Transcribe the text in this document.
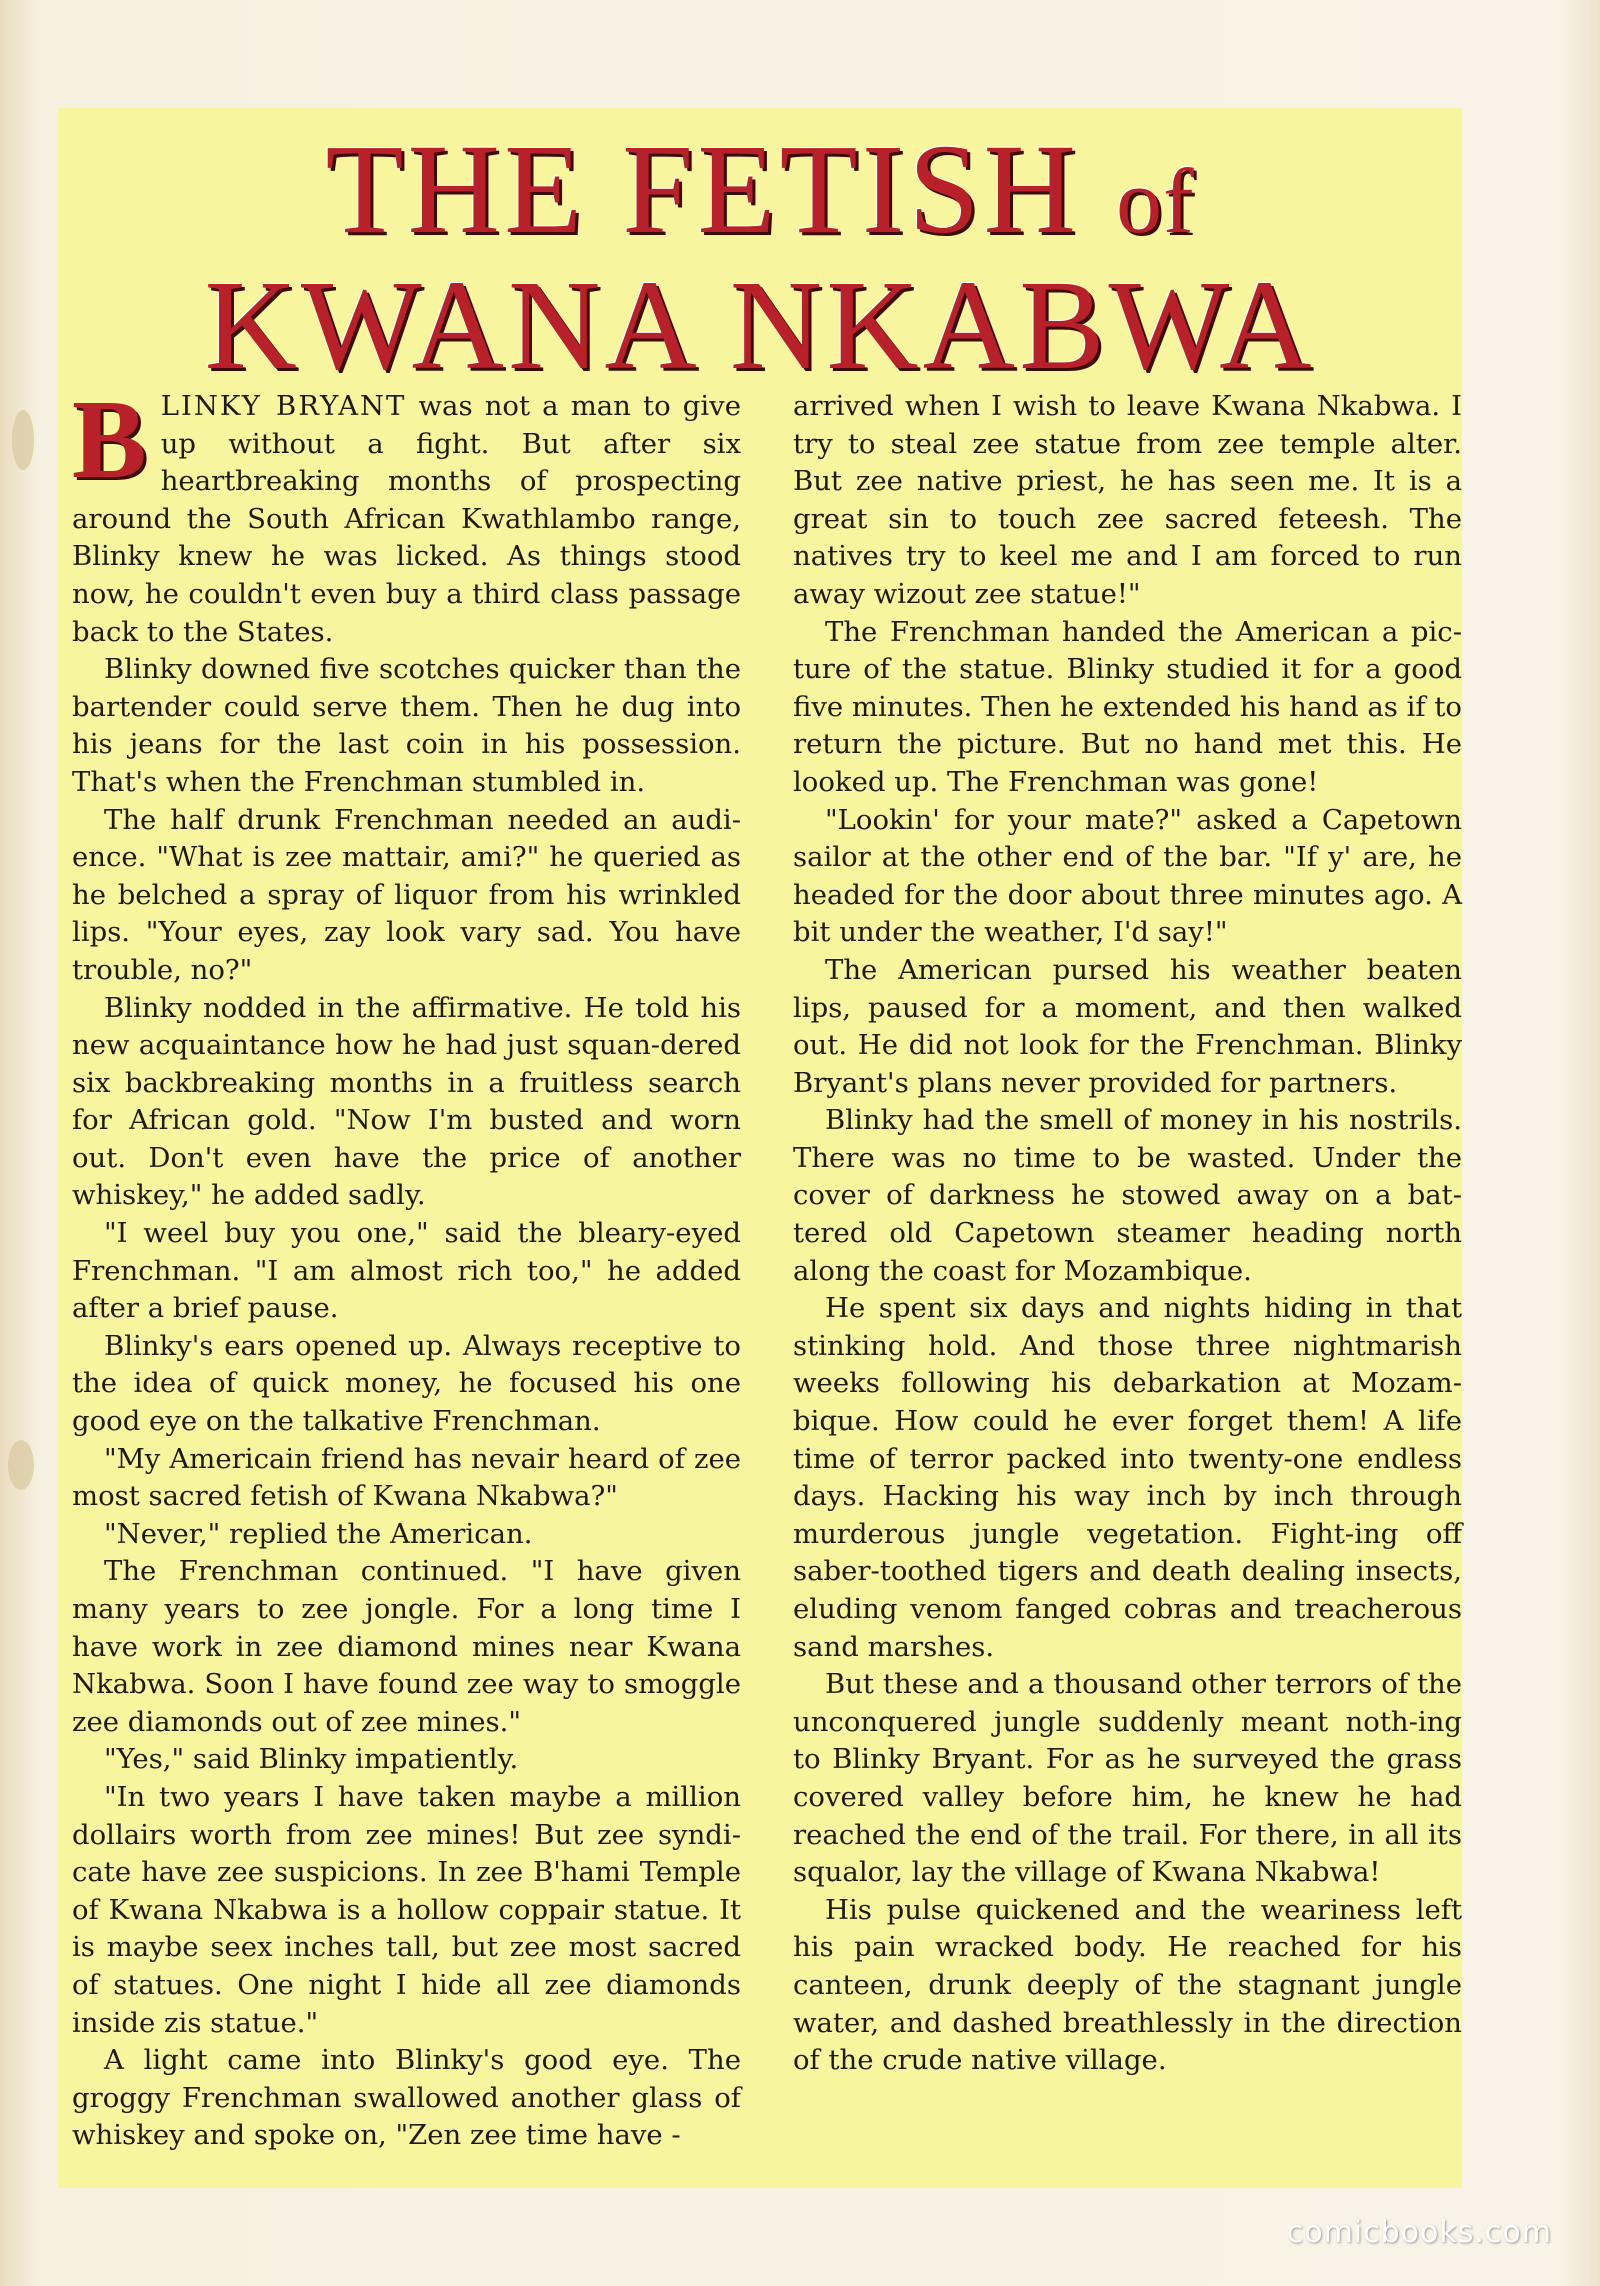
THE FETISH of
KWANA NKABWA

BLINKY BRYANT was not a man to give up without a fight. But after six heartbreaking months of prospecting around the South African Kwathlambo range, Blinky knew he was licked. As things stood now, he couldn't even buy a third class passage back to the States.

Blinky downed five scotches quicker than the bartender could serve them. Then he dug into his jeans for the last coin in his possession. That's when the Frenchman stumbled in.

The half drunk Frenchman needed an audi-ence. "What is zee mattair, ami?" he queried as he belched a spray of liquor from his wrinkled lips. "Your eyes, zay look vary sad. You have trouble, no?"

Blinky nodded in the affirmative. He told his new acquaintance how he had just squan-dered six backbreaking months in a fruitless search for African gold. "Now I'm busted and worn out. Don't even have the price of another whiskey," he added sadly.

"I weel buy you one," said the bleary-eyed Frenchman. "I am almost rich too," he added after a brief pause.

Blinky's ears opened up. Always receptive to the idea of quick money, he focused his one good eye on the talkative Frenchman.

"My Americain friend has nevair heard of zee most sacred fetish of Kwana Nkabwa?"

"Never," replied the American.

The Frenchman continued. "I have given many years to zee jongle. For a long time I have work in zee diamond mines near Kwana Nkabwa. Soon I have found zee way to smoggle zee diamonds out of zee mines."

"Yes," said Blinky impatiently.

"In two years I have taken maybe a million dollairs worth from zee mines! But zee syndi-cate have zee suspicions. In zee B'hami Temple of Kwana Nkabwa is a hollow coppair statue. It is maybe seex inches tall, but zee most sacred of statues. One night I hide all zee diamonds inside zis statue."

A light came into Blinky's good eye. The groggy Frenchman swallowed another glass of whiskey and spoke on, "Zen zee time have -

arrived when I wish to leave Kwana Nkabwa. I try to steal zee statue from zee temple alter. But zee native priest, he has seen me. It is a great sin to touch zee sacred feteesh. The natives try to keel me and I am forced to run away wizout zee statue!"

The Frenchman handed the American a pic-ture of the statue. Blinky studied it for a good five minutes. Then he extended his hand as if to return the picture. But no hand met this. He looked up. The Frenchman was gone!

"Lookin' for your mate?" asked a Capetown sailor at the other end of the bar. "If y' are, he headed for the door about three minutes ago. A bit under the weather, I'd say!"

The American pursed his weather beaten lips, paused for a moment, and then walked out. He did not look for the Frenchman. Blinky Bryant's plans never provided for partners.

Blinky had the smell of money in his nostrils. There was no time to be wasted. Under the cover of darkness he stowed away on a bat-tered old Capetown steamer heading north along the coast for Mozambique.

He spent six days and nights hiding in that stinking hold. And those three nightmarish weeks following his debarkation at Mozam-bique. How could he ever forget them! A life time of terror packed into twenty-one endless days. Hacking his way inch by inch through murderous jungle vegetation. Fight-ing off saber-toothed tigers and death dealing insects, eluding venom fanged cobras and treacherous sand marshes.

But these and a thousand other terrors of the unconquered jungle suddenly meant noth-ing to Blinky Bryant. For as he surveyed the grass covered valley before him, he knew he had reached the end of the trail. For there, in all its squalor, lay the village of Kwana Nkabwa!

His pulse quickened and the weariness left his pain wracked body. He reached for his canteen, drunk deeply of the stagnant jungle water, and dashed breathlessly in the direction of the crude native village.

comicbooks.com
